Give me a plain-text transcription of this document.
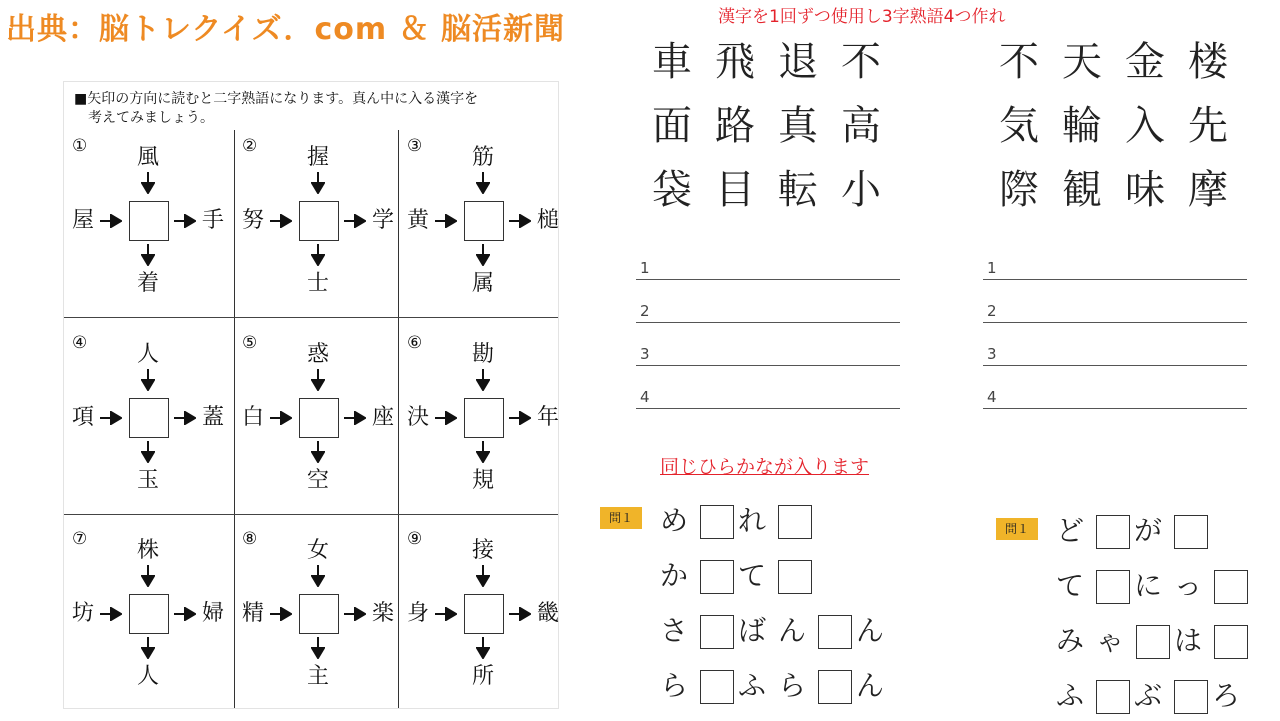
出典：脳トレクイズ．com ＆ 脳活新聞
■矢印の方向に読むと二字熟語になります。真ん中に入る漢字を
考えてみましょう。
① 風
屋	手
着
② 握
努	学
士
③ 筋
黄	槌
属
④ 人
項	蓋
玉
⑤ 惑
白	座
空
⑥ 勘
決	年
規
⑦ 株
坊	婦
人
⑧ 女
精	楽
主
⑨ 接
身	畿
所
漢字を1回ずつ使用し3字熟語4つ作れ
車 飛 退 不
面 路 真 高
袋 目 転 小
不 天 金 楼
気 輪 入 先
際 観 味 摩
1
2
3
4
1
2
3
4
同じひらかなが入ります
問１
問１
め れ
か て
さ ば ん ん
ら ふ ら ん
ど が
て に っ
み ゃ は
ふ ぶ ろ
